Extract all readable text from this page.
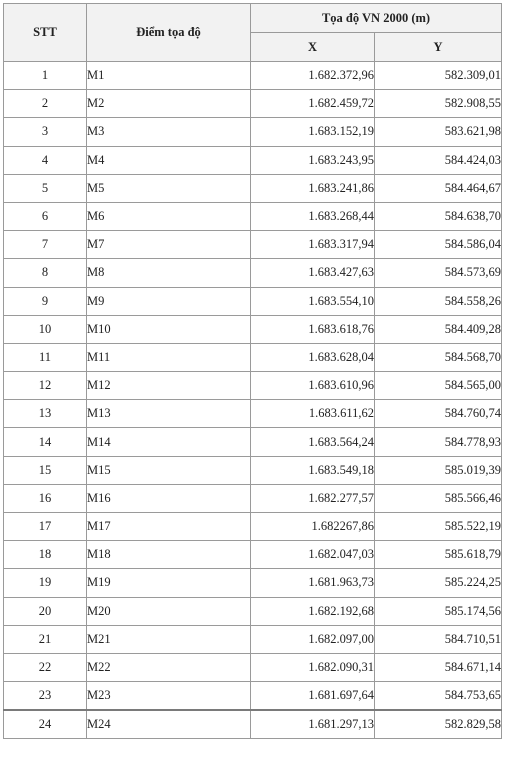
STT	Điểm tọa độ	Tọa độ VN 2000 (m)	
		X	Y
1	M1	1.682.372,96	582.309,01
2	M2	1.682.459,72	582.908,55
3	M3	1.683.152,19	583.621,98
4	M4	1.683.243,95	584.424,03
5	M5	1.683.241,86	584.464,67
6	M6	1.683.268,44	584.638,70
7	M7	1.683.317,94	584.586,04
8	M8	1.683.427,63	584.573,69
9	M9	1.683.554,10	584.558,26
10	M10	1.683.618,76	584.409,28
11	M11	1.683.628,04	584.568,70
12	M12	1.683.610,96	584.565,00
13	M13	1.683.611,62	584.760,74
14	M14	1.683.564,24	584.778,93
15	M15	1.683.549,18	585.019,39
16	M16	1.682.277,57	585.566,46
17	M17	1.682267,86	585.522,19
18	M18	1.682.047,03	585.618,79
19	M19	1.681.963,73	585.224,25
20	M20	1.682.192,68	585.174,56
21	M21	1.682.097,00	584.710,51
22	M22	1.682.090,31	584.671,14
23	M23	1.681.697,64	584.753,65
24	M24	1.681.297,13	582.829,58
